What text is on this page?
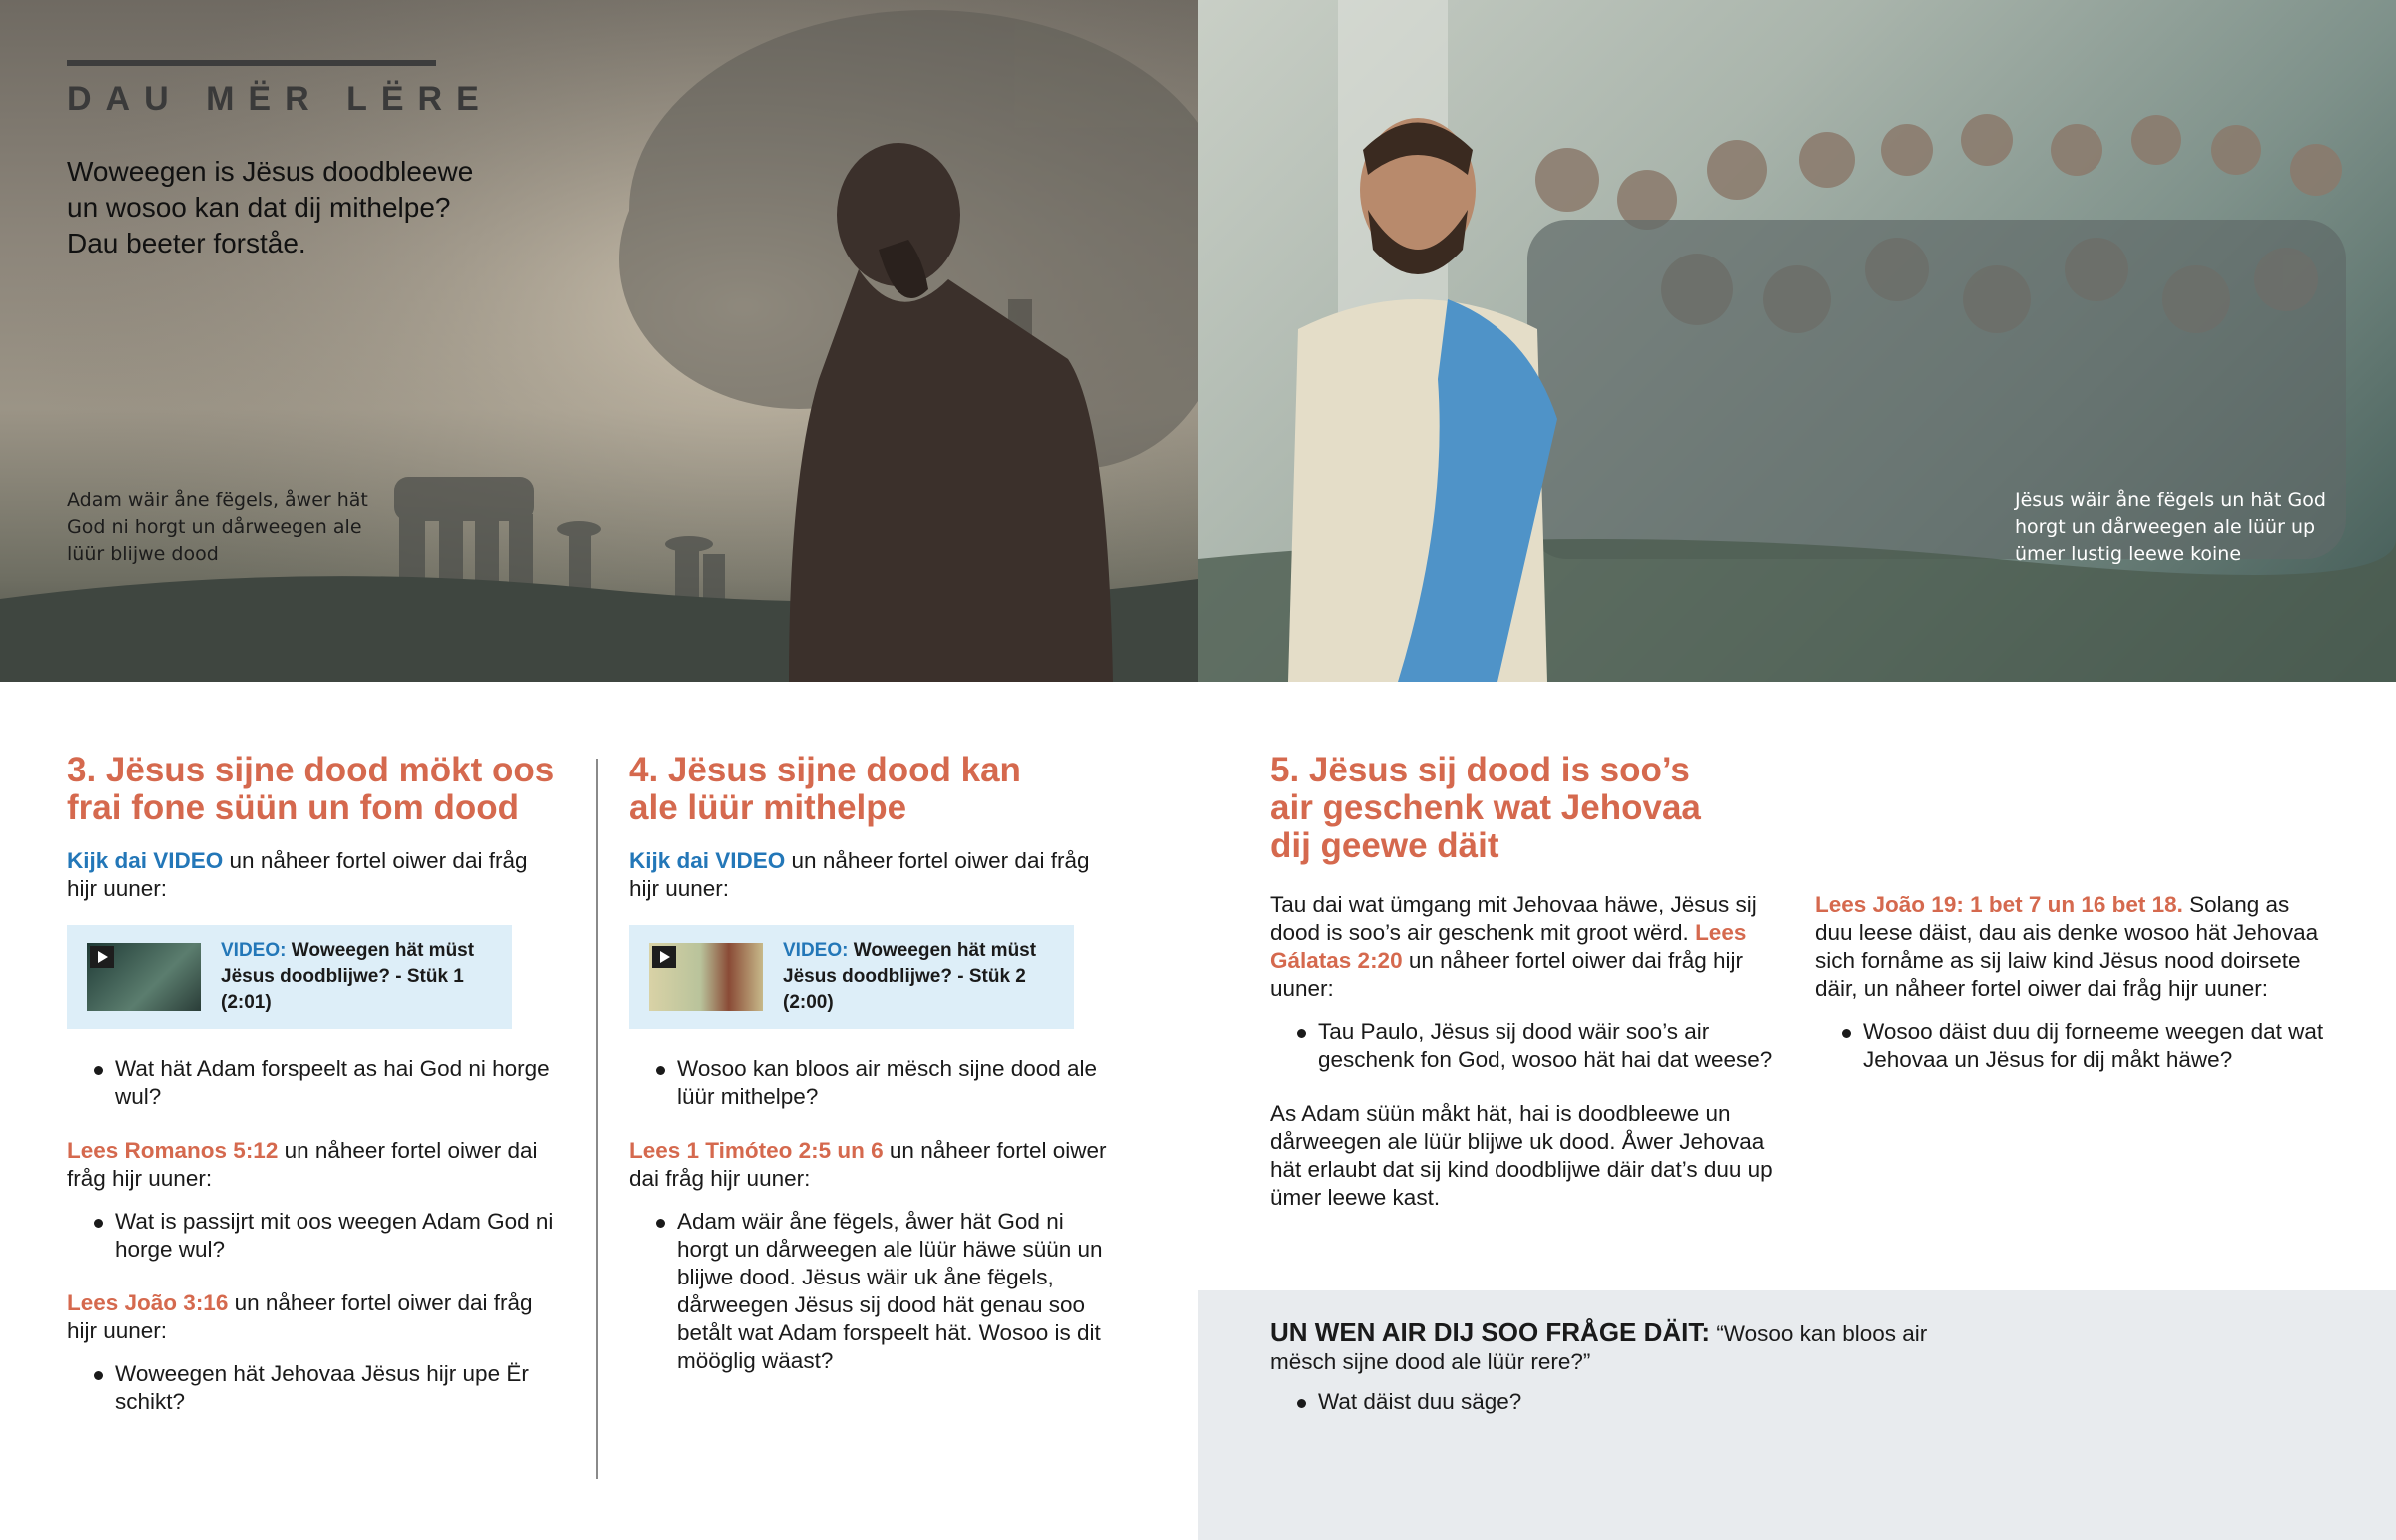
DAU MËR LËRE
Woweegen is Jësus doodbleewe
un wosoo kan dat dij mithelpe?
Dau beeter forståe.
Adam wäir åne fëgels, åwer hät
God ni horgt un dårweegen ale
lüür blijwe dood
Jësus wäir åne fëgels un hät God
horgt un dårweegen ale lüür up
ümer lustig leewe koine
3. Jësus sijne dood mökt oos
frai fone süün un fom dood

Kijk dai VIDEO un nåheer fortel oiwer dai fråg hijr uuner:

VIDEO: Woweegen hät müst Jësus doodblijwe? - Stük 1 (2:01)

Wat hät Adam forspeelt as hai God ni horge wul?

Lees Romanos 5:12 un nåheer fortel oiwer dai fråg hijr uuner:

Wat is passijrt mit oos weegen Adam God ni horge wul?

Lees João 3:16 un nåheer fortel oiwer dai fråg hijr uuner:

Woweegen hät Jehovaa Jësus hijr upe Ër schikt?

4. Jësus sijne dood kan
ale lüür mithelpe

Kijk dai VIDEO un nåheer fortel oiwer dai fråg hijr uuner:

VIDEO: Woweegen hät müst Jësus doodblijwe? - Stük 2 (2:00)

Wosoo kan bloos air mësch sijne dood ale lüür mithelpe?

Lees 1 Timóteo 2:5 un 6 un nåheer fortel oiwer dai fråg hijr uuner:

Adam wäir åne fëgels, åwer hät God ni horgt un dårweegen ale lüür häwe süün un blijwe dood. Jësus wäir uk åne fëgels, dårweegen Jësus sij dood hät genau soo betålt wat Adam forspeelt hät. Wosoo is dit mööglig wäast?

5. Jësus sij dood is soo’s
air geschenk wat Jehovaa
dij geewe däit

Tau dai wat ümgang mit Jehovaa häwe, Jësus sij dood is soo’s air geschenk mit groot wërd. Lees Gálatas 2:20 un nåheer fortel oiwer dai fråg hijr uuner:

Tau Paulo, Jësus sij dood wäir soo’s air geschenk fon God, wosoo hät hai dat weese?

As Adam süün måkt hät, hai is doodbleewe un dårweegen ale lüür blijwe uk dood. Åwer Jehovaa hät erlaubt dat sij kind doodblijwe däir dat’s duu up ümer leewe kast.

Lees João 19: 1 bet 7 un 16 bet 18. Solang as duu leese däist, dau ais denke wosoo hät Jehovaa sich fornåme as sij laiw kind Jësus nood doirsete däir, un nåheer fortel oiwer dai fråg hijr uuner:

Wosoo däist duu dij forneeme weegen dat wat Jehovaa un Jësus for dij måkt häwe?

UN WEN AIR DIJ SOO FRÅGE DÄIT: “Wosoo kan bloos air mësch sijne dood ale lüür rere?”

Wat däist duu säge?
